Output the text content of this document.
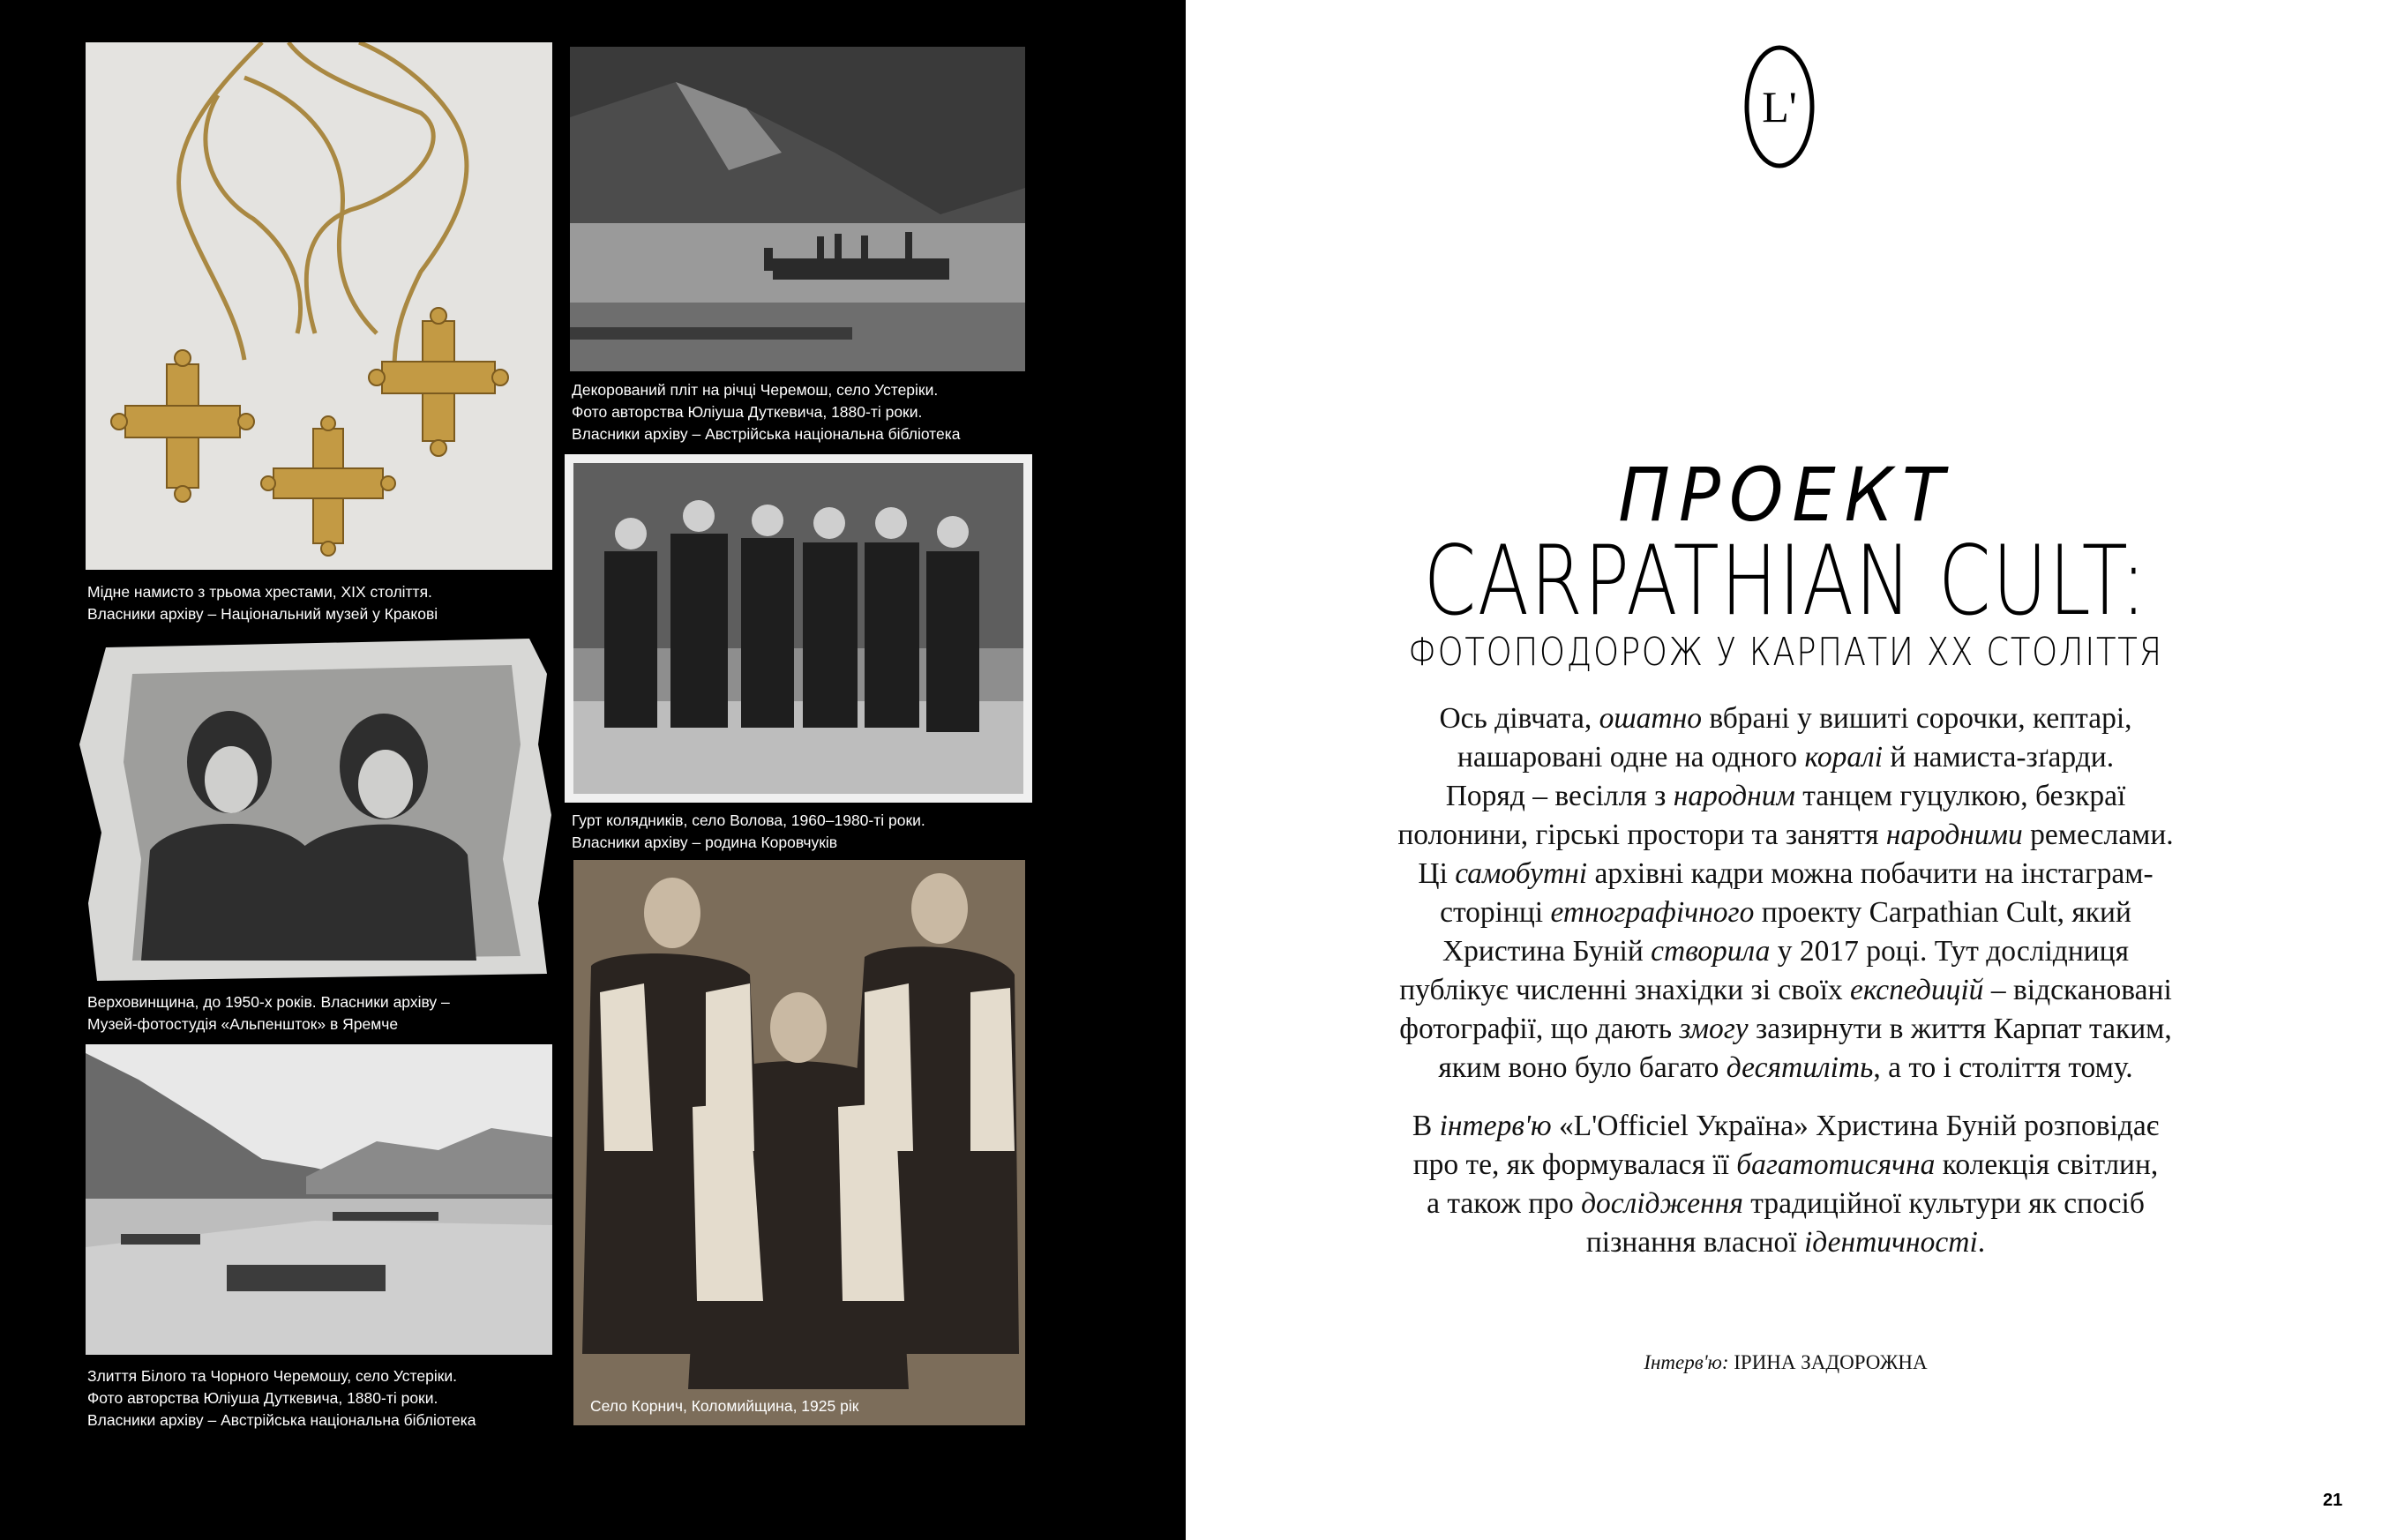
Мідне намисто з трьома хрестами, XIX століття.
Власники архіву – Національний музей у Кракові
Декорований пліт на річці Черемош, село Устеріки.
Фото авторства Юліуша Дуткевича, 1880-ті роки.
Власники архіву – Австрійська національна бібліотека
Верховинщина, до 1950-х років. Власники архіву –
Музей-фотостудія «Альпеншток» в Яремче
Злиття Білого та Чорного Черемошу, село Устеріки.
Фото авторства Юліуша Дуткевича, 1880-ті роки.
Власники архіву – Австрійська національна бібліотека
Гурт колядників, село Волова, 1960–1980-ті роки.
Власники архіву – родина Коровчуків
Село Корнич, Коломийщина, 1925 рік
L'
ПРОЕКТ
CARPATHIAN CULT:
ФОТОПОДОРОЖ У КАРПАТИ XX СТОЛІТТЯ
Ось дівчата, ошатно вбрані у вишиті сорочки, кептарі,
нашаровані одне на одного коралі й намиста-зґарди.
Поряд – весілля з народним танцем гуцулкою, безкраї
полонини, гірські простори та заняття народними ремеслами.
Ці самобутні архівні кадри можна побачити на інстаграм-
сторінці етнографічного проекту Carpathian Cult, який
Христина Буній створила у 2017 році. Тут дослідниця
публікує численні знахідки зі своїх експедицій – відскановані
фотографії, що дають змогу зазирнути в життя Карпат таким,
яким воно було багато десятиліть, а то і століття тому.
В інтерв'ю «L'Officiel Україна» Христина Буній розповідає
про те, як формувалася її багатотисячна колекція світлин,
а також про дослідження традиційної культури як спосіб
пізнання власної ідентичності.
Інтерв'ю: ІРИНА ЗАДОРОЖНА
21
